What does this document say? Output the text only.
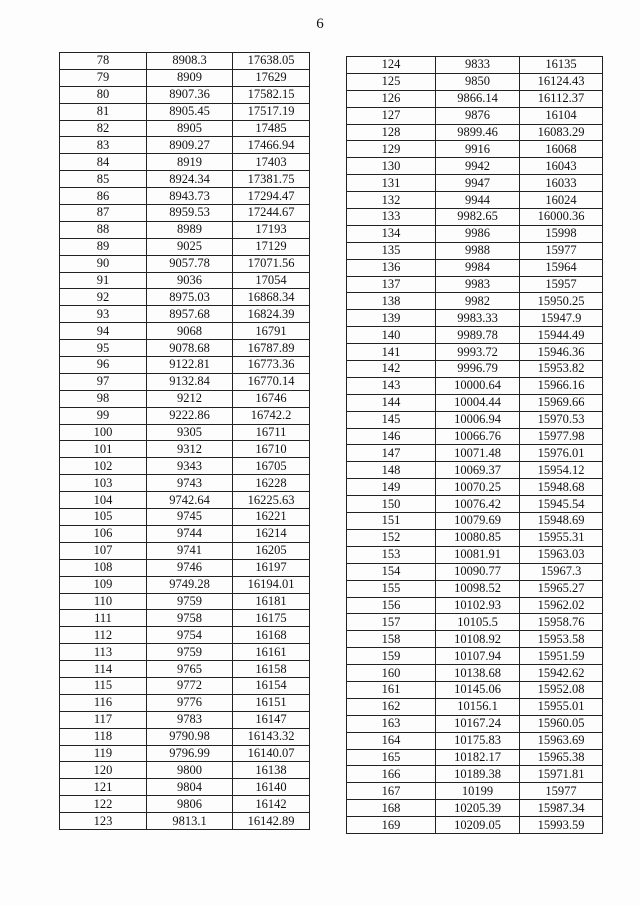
6
78	8908.3	17638.05
79	8909	17629
80	8907.36	17582.15
81	8905.45	17517.19
82	8905	17485
83	8909.27	17466.94
84	8919	17403
85	8924.34	17381.75
86	8943.73	17294.47
87	8959.53	17244.67
88	8989	17193
89	9025	17129
90	9057.78	17071.56
91	9036	17054
92	8975.03	16868.34
93	8957.68	16824.39
94	9068	16791
95	9078.68	16787.89
96	9122.81	16773.36
97	9132.84	16770.14
98	9212	16746
99	9222.86	16742.2
100	9305	16711
101	9312	16710
102	9343	16705
103	9743	16228
104	9742.64	16225.63
105	9745	16221
106	9744	16214
107	9741	16205
108	9746	16197
109	9749.28	16194.01
110	9759	16181
111	9758	16175
112	9754	16168
113	9759	16161
114	9765	16158
115	9772	16154
116	9776	16151
117	9783	16147
118	9790.98	16143.32
119	9796.99	16140.07
120	9800	16138
121	9804	16140
122	9806	16142
123	9813.1	16142.89
124	9833	16135
125	9850	16124.43
126	9866.14	16112.37
127	9876	16104
128	9899.46	16083.29
129	9916	16068
130	9942	16043
131	9947	16033
132	9944	16024
133	9982.65	16000.36
134	9986	15998
135	9988	15977
136	9984	15964
137	9983	15957
138	9982	15950.25
139	9983.33	15947.9
140	9989.78	15944.49
141	9993.72	15946.36
142	9996.79	15953.82
143	10000.64	15966.16
144	10004.44	15969.66
145	10006.94	15970.53
146	10066.76	15977.98
147	10071.48	15976.01
148	10069.37	15954.12
149	10070.25	15948.68
150	10076.42	15945.54
151	10079.69	15948.69
152	10080.85	15955.31
153	10081.91	15963.03
154	10090.77	15967.3
155	10098.52	15965.27
156	10102.93	15962.02
157	10105.5	15958.76
158	10108.92	15953.58
159	10107.94	15951.59
160	10138.68	15942.62
161	10145.06	15952.08
162	10156.1	15955.01
163	10167.24	15960.05
164	10175.83	15963.69
165	10182.17	15965.38
166	10189.38	15971.81
167	10199	15977
168	10205.39	15987.34
169	10209.05	15993.59
